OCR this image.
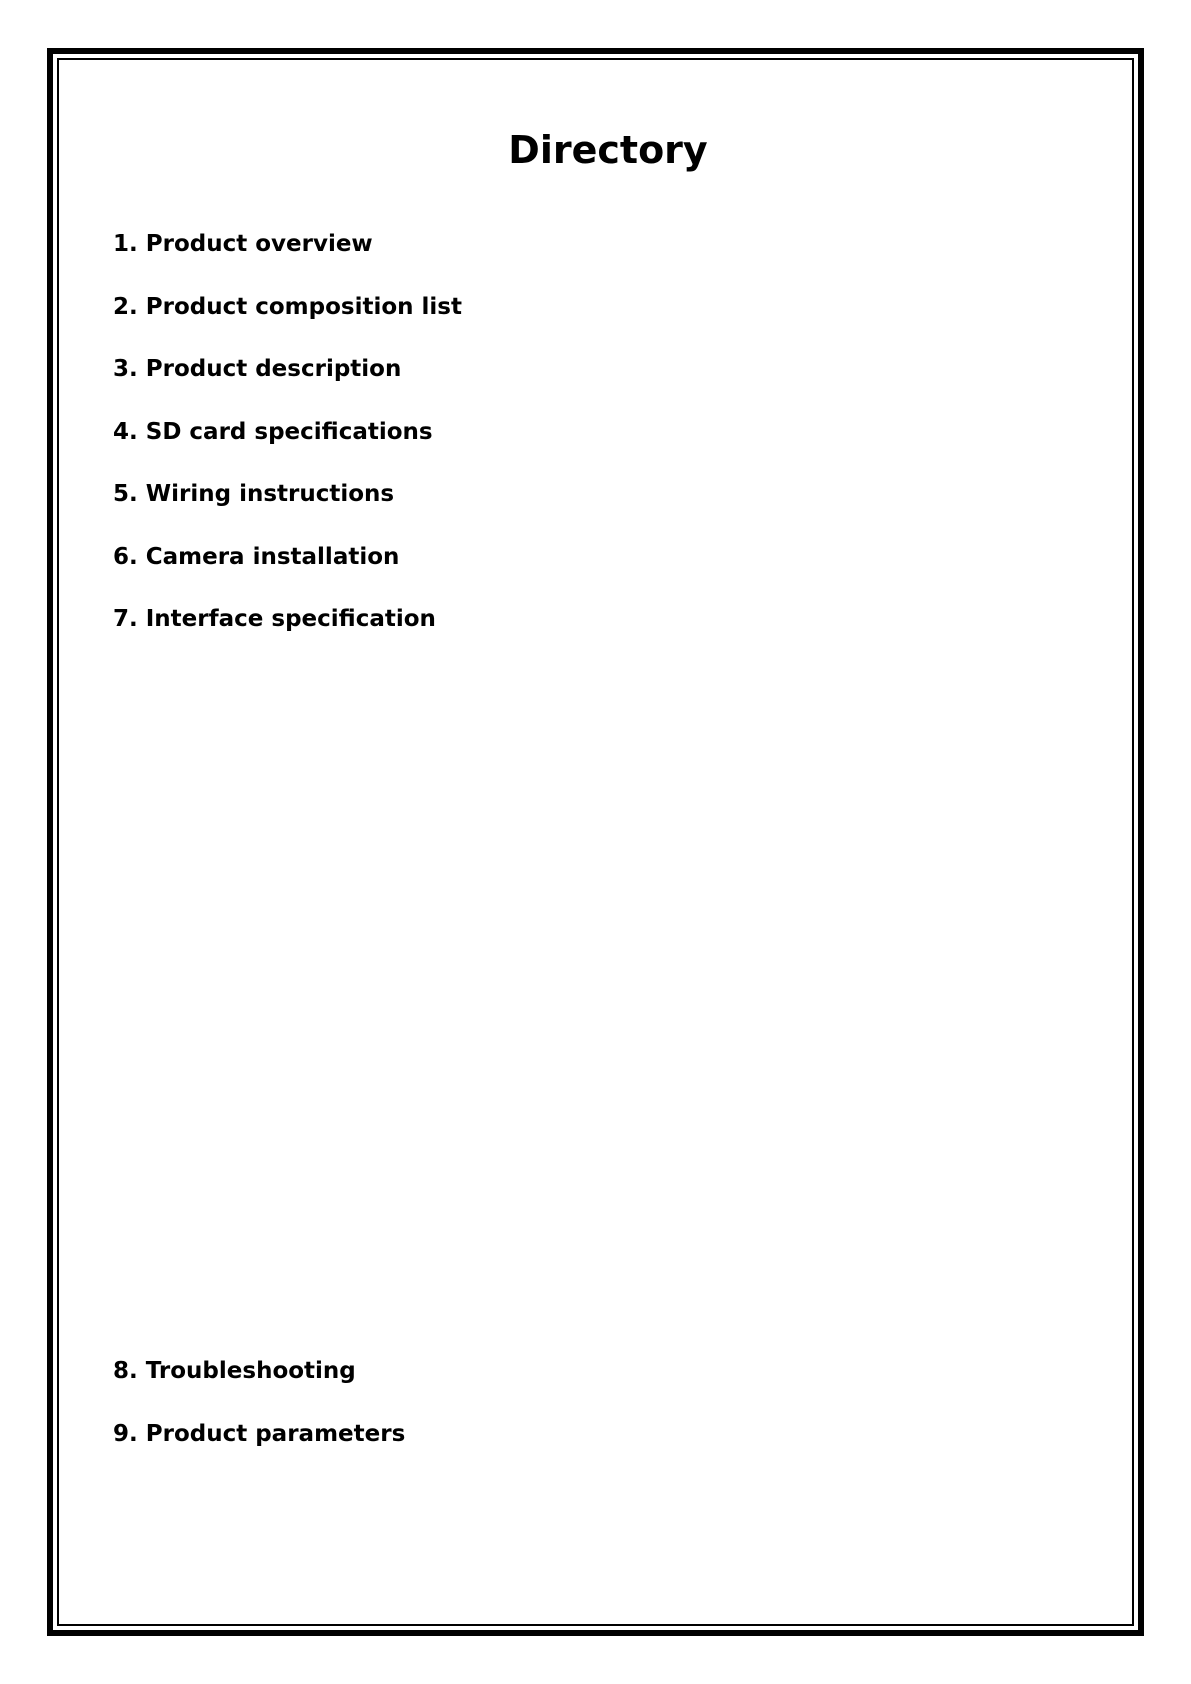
Directory

1. Product overview

2. Product composition list

3. Product description

4. SD card specifications

5. Wiring instructions

6. Camera installation

7. Interface specification

8. Troubleshooting

9. Product parameters
